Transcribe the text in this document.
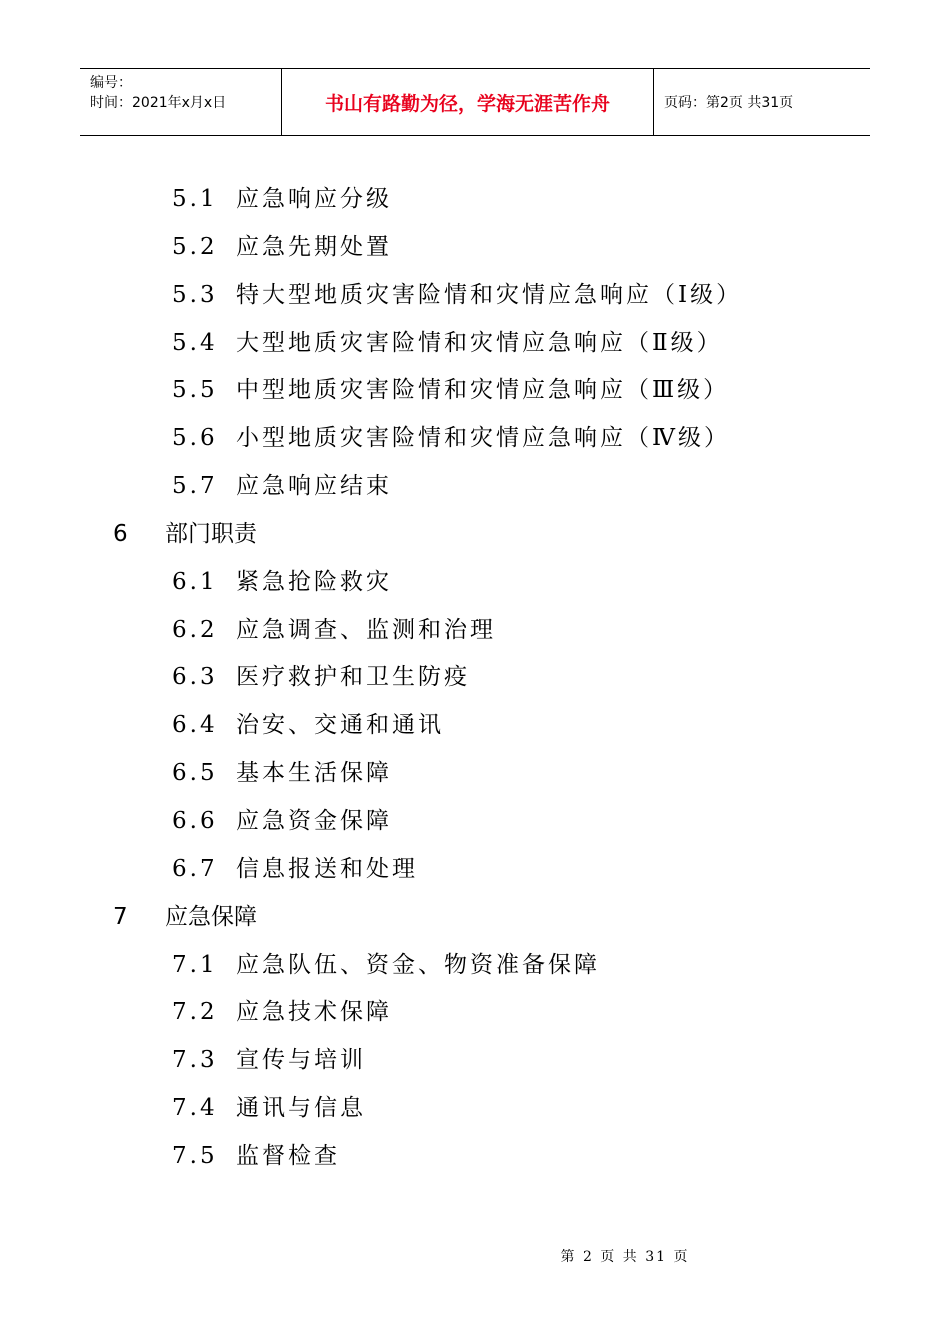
编号：
时间：2021年x月x日	书山有路勤为径，学海无涯苦作舟	页码：第2页 共31页
5.1 应急响应分级
5.2 应急先期处置
5.3 特大型地质灾害险情和灾情应急响应（Ⅰ级）
5.4 大型地质灾害险情和灾情应急响应（Ⅱ级）
5.5 中型地质灾害险情和灾情应急响应（Ⅲ级）
5.6 小型地质灾害险情和灾情应急响应（Ⅳ级）
5.7 应急响应结束
6 部门职责
6.1 紧急抢险救灾
6.2 应急调查、监测和治理
6.3 医疗救护和卫生防疫
6.4 治安、交通和通讯
6.5 基本生活保障
6.6 应急资金保障
6.7 信息报送和处理
7 应急保障
7.1 应急队伍、资金、物资准备保障
7.2 应急技术保障
7.3 宣传与培训
7.4 通讯与信息
7.5 监督检查
第 2 页 共 31 页
